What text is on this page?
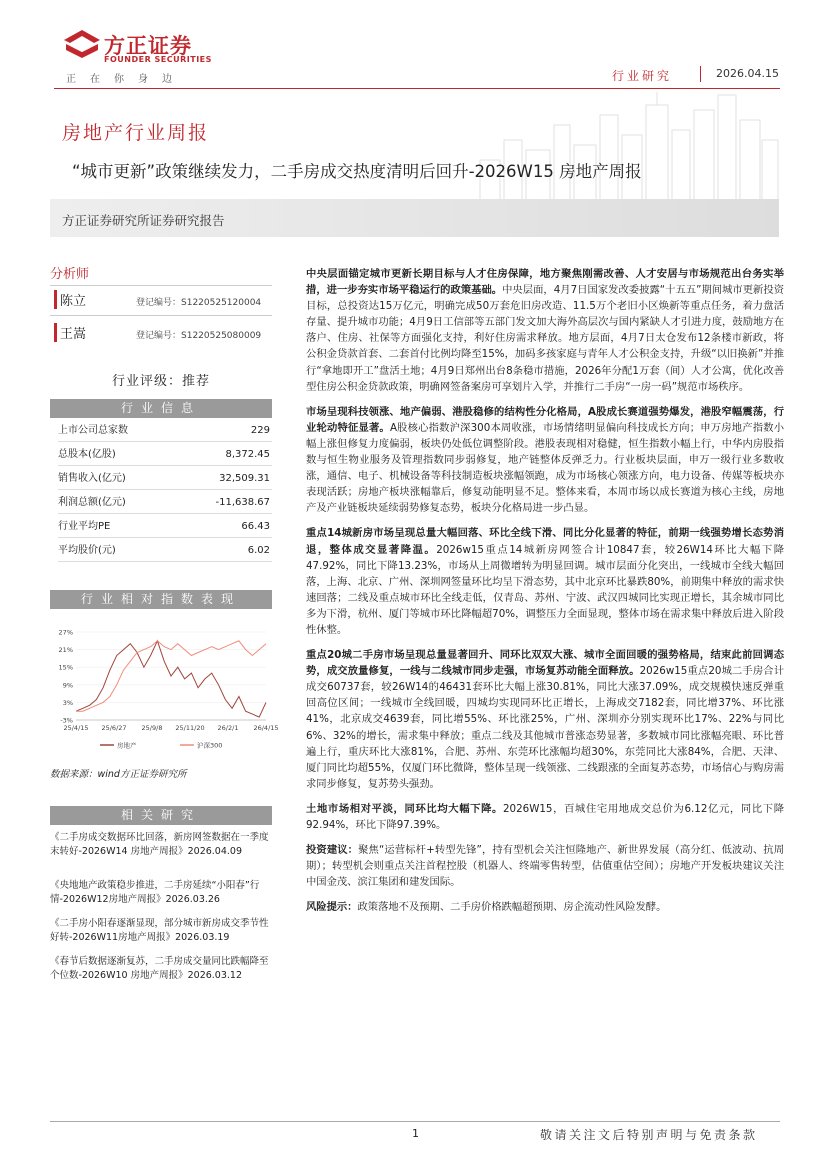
方正证券
FOUNDER SECURITIES
正在你身边	行业研究	2026.04.15
房地产行业周报
“城市更新”政策继续发力，二手房成交热度清明后回升-2026W15 房地产周报
方正证券研究所证券研究报告
分析师
陈立	登记编号：S1220525120004
王嵩	登记编号：S1220525080009
行业评级：推荐
行业信息
上市公司总家数	229
总股本(亿股)	8,372.45
销售收入(亿元)	32,509.31
利润总额(亿元)	-11,638.67
行业平均PE	66.43
平均股价(元)	6.02
行业相对指数表现
27%
21%
15%
9%
3%
-3%
25/4/15 25/6/27 25/9/8 25/11/20 26/2/1 26/4/15
房地产	沪深300
数据来源：wind方正证券研究所
相关研究
《二手房成交数据环比回落，新房网签数据在一季度末转好-2026W14 房地产周报》2026.04.09
《央地地产政策稳步推进，二手房延续“小阳春”行情-2026W12房地产周报》2026.03.26
《二手房小阳春逐渐显现，部分城市新房成交季节性好转-2026W11房地产周报》2026.03.19
《春节后数据逐渐复苏，二手房成交量同比跌幅降至个位数-2026W10 房地产周报》2026.03.12

中央层面锚定城市更新长期目标与人才住房保障，地方聚焦刚需改善、人才安居与市场规范出台务实举措，进一步夯实市场平稳运行的政策基础。中央层面，4月7日国家发改委披露“十五五”期间城市更新投资目标，总投资达15万亿元，明确完成50万套危旧房改造、11.5万个老旧小区焕新等重点任务，着力盘活存量、提升城市功能；4月9日工信部等五部门发文加大海外高层次与国内紧缺人才引进力度，鼓励地方在落户、住房、社保等方面强化支持，利好住房需求释放。地方层面，4月7日太仓发布12条楼市新政，将公积金贷款首套、二套首付比例均降至15%，加码多孩家庭与青年人才公积金支持，升级“以旧换新”并推行“拿地即开工”盘活土地；4月9日郑州出台8条稳市措施，2026年分配1万套（间）人才公寓，优化改善型住房公积金贷款政策，明确网签备案房可享划片入学，并推行二手房“一房一码”规范市场秩序。

市场呈现科技领涨、地产偏弱、港股稳修的结构性分化格局，A股成长赛道强势爆发，港股窄幅震荡，行业轮动特征显著。A股核心指数沪深300本周收涨，市场情绪明显偏向科技成长方向；申万房地产指数小幅上涨但修复力度偏弱，板块仍处低位调整阶段。港股表现相对稳健，恒生指数小幅上行，中华内房股指数与恒生物业服务及管理指数同步弱修复，地产链整体反弹乏力。行业板块层面，申万一级行业多数收涨，通信、电子、机械设备等科技制造板块涨幅领跑，成为市场核心领涨方向，电力设备、传媒等板块亦表现活跃；房地产板块涨幅靠后，修复动能明显不足。整体来看，本周市场以成长赛道为核心主线，房地产及产业链板块延续弱势修复态势，板块分化格局进一步凸显。

重点14城新房市场呈现总量大幅回落、环比全线下滑、同比分化显著的特征，前期一线强势增长态势消退，整体成交显著降温。2026w15重点14城新房网签合计10847套，较26W14环比大幅下降47.92%，同比下降13.23%，市场从上周微增转为明显回调。城市层面分化突出，一线城市全线大幅回落，上海、北京、广州、深圳网签量环比均呈下滑态势，其中北京环比暴跌80%，前期集中释放的需求快速回落；二线及重点城市环比全线走低，仅青岛、苏州、宁波、武汉四城同比实现正增长，其余城市同比多为下滑，杭州、厦门等城市环比降幅超70%，调整压力全面显现，整体市场在需求集中释放后进入阶段性休整。

重点20城二手房市场呈现总量显著回升、同环比双双大涨、城市全面回暖的强势格局，结束此前回调态势，成交放量修复，一线与二线城市同步走强，市场复苏动能全面释放。2026w15重点20城二手房合计成交60737套，较26W14的46431套环比大幅上涨30.81%，同比大涨37.09%，成交规模快速反弹重回高位区间；一线城市全线回暖，四城均实现同环比正增长，上海成交7182套，同比增37%、环比涨41%，北京成交4639套，同比增55%、环比涨25%，广州、深圳亦分别实现环比17%、22%与同比6%、32%的增长，需求集中释放；重点二线及其他城市普涨态势显著，多数城市同比涨幅亮眼、环比普遍上行，重庆环比大涨81%，合肥、苏州、东莞环比涨幅均超30%，东莞同比大涨84%，合肥、天津、厦门同比均超55%，仅厦门环比微降，整体呈现一线领涨、二线跟涨的全面复苏态势，市场信心与购房需求同步修复，复苏势头强劲。

土地市场相对平淡，同环比均大幅下降。2026W15，百城住宅用地成交总价为6.12亿元，同比下降92.94%，环比下降97.39%。

投资建议：聚焦“运营标杆+转型先锋”，持有型机会关注恒隆地产、新世界发展（高分红、低波动、抗周期）；转型机会则重点关注首程控股（机器人、终端零售转型，估值重估空间）；房地产开发板块建议关注中国金茂、滨江集团和建发国际。

风险提示：政策落地不及预期、二手房价格跌幅超预期、房企流动性风险发酵。

1	敬请关注文后特别声明与免责条款
